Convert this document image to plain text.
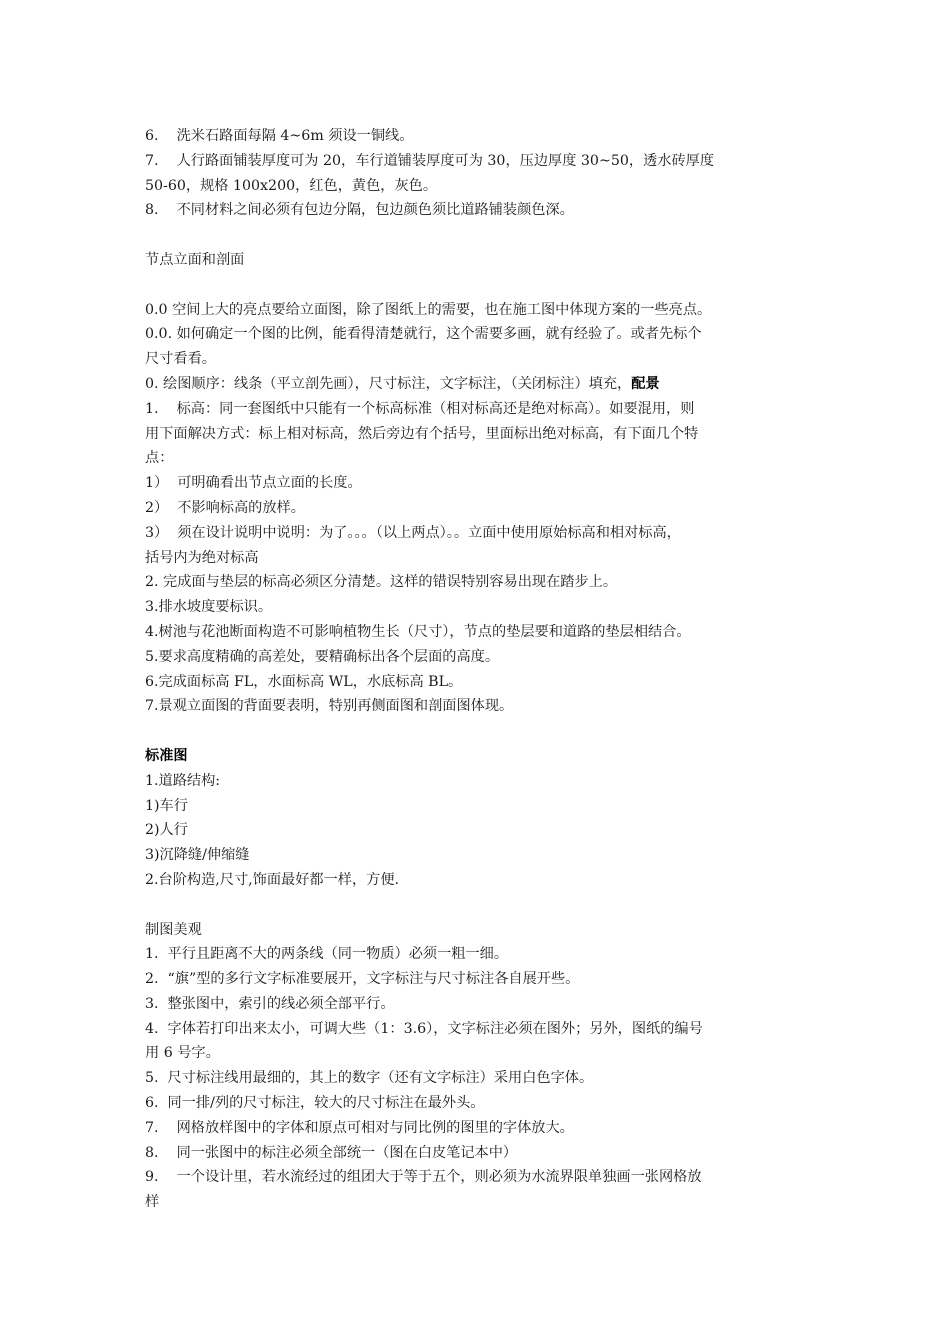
6.    洗米石路面每隔 4~6m 须设一铜线。
7.    人行路面铺装厚度可为 20，车行道铺装厚度可为 30，压边厚度 30~50，透水砖厚度
50-60，规格 100x200，红色，黄色，灰色。
8.    不同材料之间必须有包边分隔，包边颜色须比道路铺装颜色深。
节点立面和剖面
0.0 空间上大的亮点要给立面图，除了图纸上的需要，也在施工图中体现方案的一些亮点。
0.0. 如何确定一个图的比例，能看得清楚就行，这个需要多画，就有经验了。或者先标个
尺寸看看。
0. 绘图顺序：线条（平立剖先画），尺寸标注，文字标注，（关闭标注）填充，配景
1.    标高：同一套图纸中只能有一个标高标准（相对标高还是绝对标高）。如要混用，则
用下面解决方式：标上相对标高，然后旁边有个括号，里面标出绝对标高，有下面几个特
点：
1）  可明确看出节点立面的长度。
2）  不影响标高的放样。
3）  须在设计说明中说明：为了。。。（以上两点）。。立面中使用原始标高和相对标高，
括号内为绝对标高
2. 完成面与垫层的标高必须区分清楚。这样的错误特别容易出现在踏步上。
3.排水坡度要标识。
4.树池与花池断面构造不可影响植物生长（尺寸），节点的垫层要和道路的垫层相结合。
5.要求高度精确的高差处，要精确标出各个层面的高度。
6.完成面标高 FL，水面标高 WL，水底标高 BL。
7.景观立面图的背面要表明，特别再侧面图和剖面图体现。
标准图
1.道路结构:
1)车行
2)人行
3)沉降缝/伸缩缝
2.台阶构造,尺寸,饰面最好都一样，方便.
制图美观
1.  平行且距离不大的两条线（同一物质）必须一粗一细。
2.  “旗”型的多行文字标准要展开，文字标注与尺寸标注各自展开些。
3.  整张图中，索引的线必须全部平行。
4.  字体若打印出来太小，可调大些（1：3.6），文字标注必须在图外；另外，图纸的编号
用 6 号字。
5.  尺寸标注线用最细的，其上的数字（还有文字标注）采用白色字体。
6.  同一排/列的尺寸标注，较大的尺寸标注在最外头。
7.    网格放样图中的字体和原点可相对与同比例的图里的字体放大。
8.    同一张图中的标注必须全部统一（图在白皮笔记本中）
9.    一个设计里，若水流经过的组团大于等于五个，则必须为水流界限单独画一张网格放
样
